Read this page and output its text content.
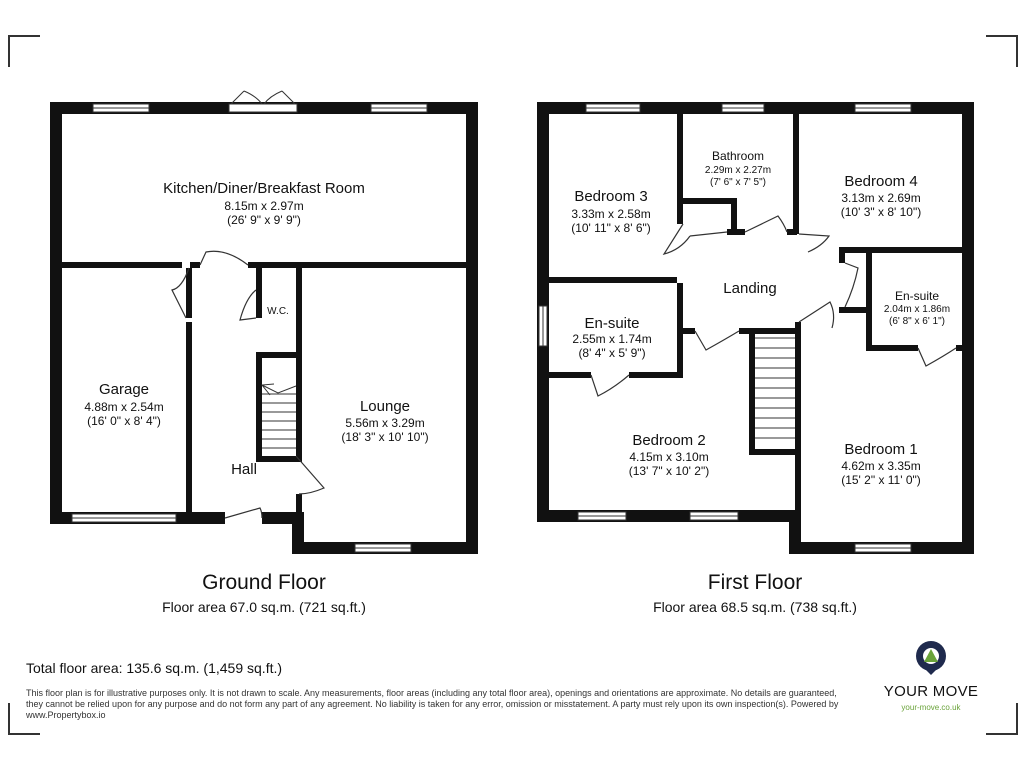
Kitchen/Diner/Breakfast Room
8.15m x 2.97m
(26' 9" x 9' 9")
Garage
4.88m x 2.54m
(16' 0" x 8' 4")
W.C.
Lounge
5.56m x 3.29m
(18' 3" x 10' 10")
Hall
Bedroom 3
3.33m x 2.58m
(10' 11" x 8' 6")
Bathroom
2.29m x 2.27m
(7' 6" x 7' 5")	Bedroom 4
3.13m x 2.69m
(10' 3" x 8' 10")
Landing
En-suite
2.55m x 1.74m
(8' 4" x 5' 9")
En-suite
2.04m x 1.86m
(6' 8" x 6' 1")
Bedroom 2
4.15m x 3.10m
(13' 7" x 10' 2")
Bedroom 1
4.62m x 3.35m
(15' 2" x 11' 0")
Ground Floor
Floor area 67.0 sq.m. (721 sq.ft.)
First Floor
Floor area 68.5 sq.m. (738 sq.ft.)
Total floor area: 135.6 sq.m. (1,459 sq.ft.)
This floor plan is for illustrative purposes only. It is not drawn to scale. Any measurements, floor areas (including any total floor area), openings and orientations are approximate. No details are guaranteed, they cannot be relied upon for any purpose and do not form any part of any agreement. No liability is taken for any error, omission or misstatement. A party must rely upon its own inspection(s). Powered by www.Propertybox.io
YOUR MOVE
your-move.co.uk
